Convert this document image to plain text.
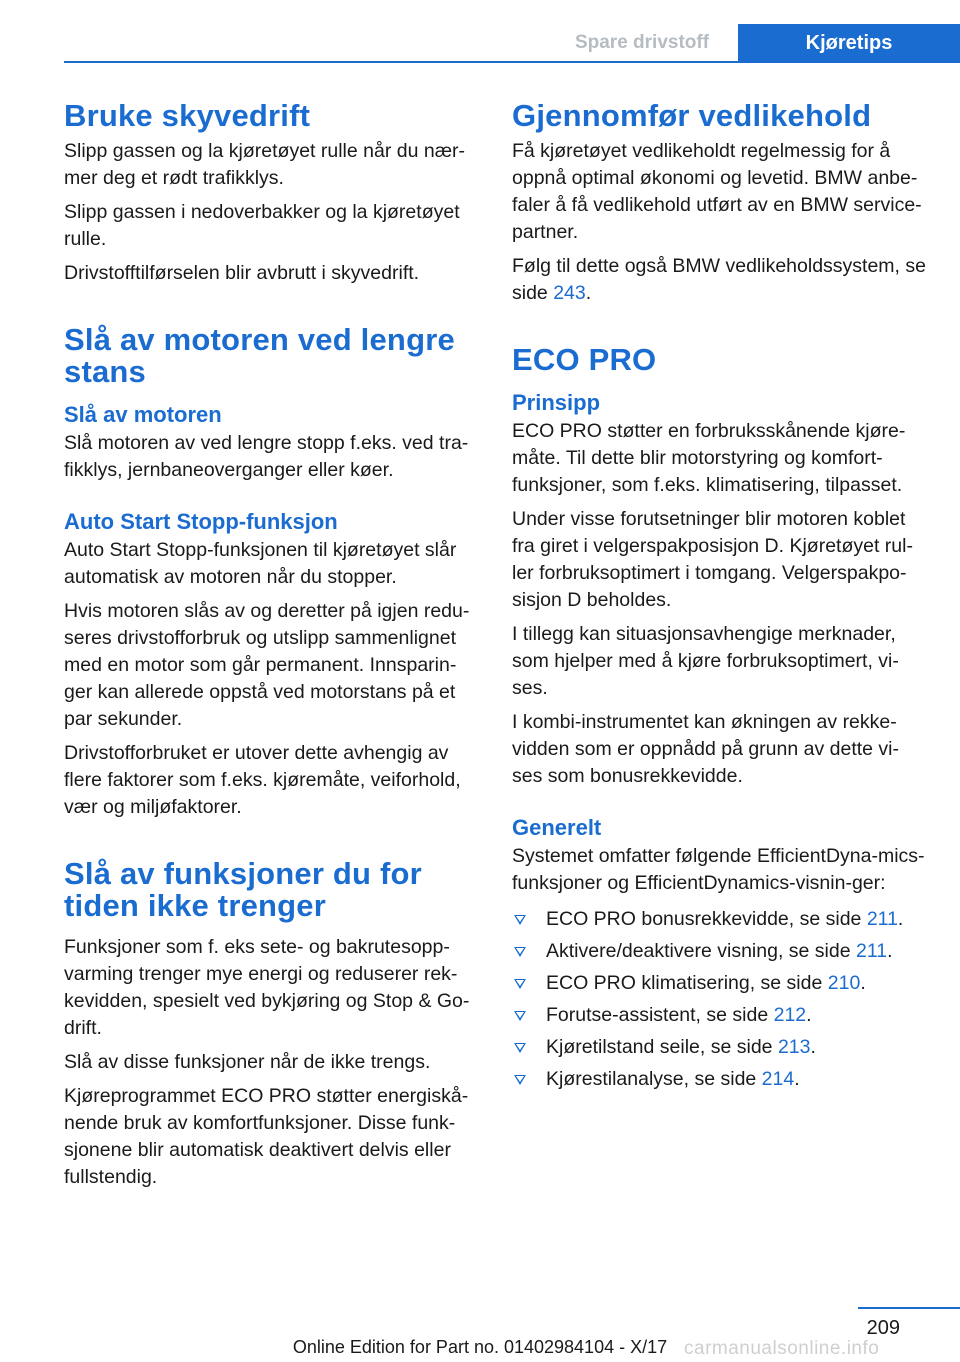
Spare drivstoff	Kjøretips
Bruke skyvedrift

Slipp gassen og la kjøretøyet rulle når du nær-mer deg et rødt trafikklys.

Slipp gassen i nedoverbakker og la kjøretøyet rulle.

Drivstofftilførselen blir avbrutt i skyvedrift.

Slå av motoren ved lengre stans
Slå av motoren

Slå motoren av ved lengre stopp f.eks. ved tra-fikklys, jernbaneoverganger eller køer.

Auto Start Stopp-funksjon

Auto Start Stopp-funksjonen til kjøretøyet slår automatisk av motoren når du stopper.

Hvis motoren slås av og deretter på igjen redu-seres drivstofforbruk og utslipp sammenlignet med en motor som går permanent. Innsparin-ger kan allerede oppstå ved motorstans på et par sekunder.

Drivstofforbruket er utover dette avhengig av flere faktorer som f.eks. kjøremåte, veiforhold, vær og miljøfaktorer.

Slå av funksjoner du for tiden ikke trenger

Funksjoner som f. eks sete- og bakrutesopp-varming trenger mye energi og reduserer rek-kevidden, spesielt ved bykjøring og Stop & Go-drift.

Slå av disse funksjoner når de ikke trengs.

Kjøreprogrammet ECO PRO støtter energiskå-nende bruk av komfortfunksjoner. Disse funk-sjonene blir automatisk deaktivert delvis eller fullstendig.

Gjennomfør vedlikehold

Få kjøretøyet vedlikeholdt regelmessig for å oppnå optimal økonomi og levetid. BMW anbe-faler å få vedlikehold utført av en BMW service-partner.

Følg til dette også BMW vedlikeholdssystem, se side 243.

ECO PRO
Prinsipp

ECO PRO støtter en forbruksskånende kjøre-måte. Til dette blir motorstyring og komfort-funksjoner, som f.eks. klimatisering, tilpasset.

Under visse forutsetninger blir motoren koblet fra giret i velgerspakposisjon D. Kjøretøyet rul-ler forbruksoptimert i tomgang. Velgerspakpo-sisjon D beholdes.

I tillegg kan situasjonsavhengige merknader, som hjelper med å kjøre forbruksoptimert, vi-ses.

I kombi-instrumentet kan økningen av rekke-vidden som er oppnådd på grunn av dette vi-ses som bonusrekkevidde.

Generelt

Systemet omfatter følgende EfficientDyna-mics-funksjoner og EfficientDynamics-visnin-ger:

ECO PRO bonusrekkevidde, se side 211.
Aktivere/deaktivere visning, se side 211.
ECO PRO klimatisering, se side 210.
Forutse-assistent, se side 212.
Kjøretilstand seile, se side 213.
Kjørestilanalyse, se side 214.
209
Online Edition for Part no. 01402984104 - X/17 carmanualsonline.info
